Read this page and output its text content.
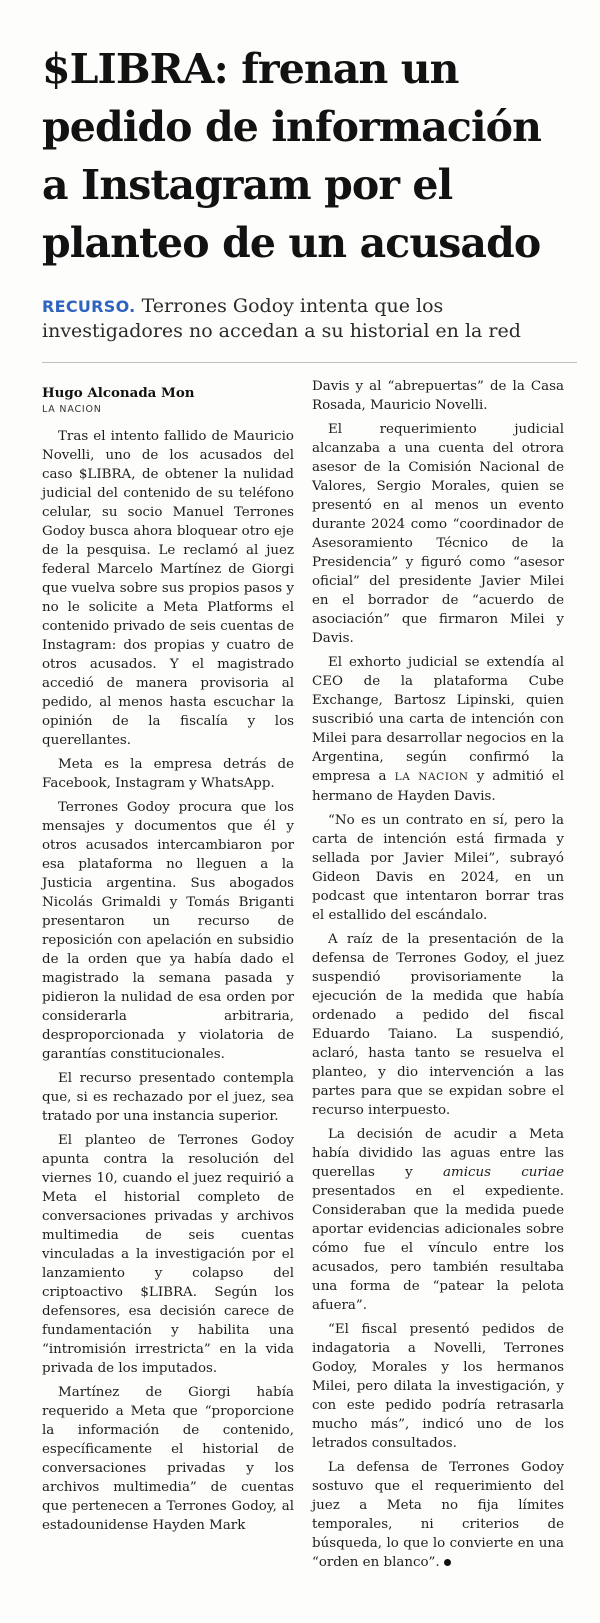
$LIBRA: frenan un
pedido de información
a Instagram por el
planteo de un acusado
RECURSO. Terrones Godoy intenta que los investigadores no accedan a su historial en la red
Hugo Alconada Mon
LA NACION

Tras el intento fallido de Mauricio Novelli, uno de los acusados del caso $LIBRA, de obtener la nulidad judicial del contenido de su teléfono celular, su socio Manuel Terrones Godoy busca ahora bloquear otro eje de la pesquisa. Le reclamó al juez federal Marcelo Martínez de Giorgi que vuelva sobre sus propios pasos y no le solicite a Meta Platforms el contenido privado de seis cuentas de Instagram: dos propias y cuatro de otros acusados. Y el magistrado accedió de manera provisoria al pedido, al menos hasta escuchar la opinión de la fiscalía y los querellantes.

Meta es la empresa detrás de Facebook, Instagram y WhatsApp.

Terrones Godoy procura que los mensajes y documentos que él y otros acusados intercambiaron por esa plataforma no lleguen a la Justicia argentina. Sus abogados Nicolás Grimaldi y Tomás Briganti presentaron un recurso de reposición con apelación en subsidio de la orden que ya había dado el magistrado la semana pasada y pidieron la nulidad de esa orden por considerarla arbitraria, desproporcionada y violatoria de garantías constitucionales.

El recurso presentado contempla que, si es rechazado por el juez, sea tratado por una instancia superior.

El planteo de Terrones Godoy apunta contra la resolución del viernes 10, cuando el juez requirió a Meta el historial completo de conversaciones privadas y archivos multimedia de seis cuentas vinculadas a la investigación por el lanzamiento y colapso del criptoactivo $LIBRA. Según los defensores, esa decisión carece de fundamentación y habilita una “intromisión irrestricta” en la vida privada de los imputados.

Martínez de Giorgi había requerido a Meta que “proporcione la información de contenido, específicamente el historial de conversaciones privadas y los archivos multimedia” de cuentas que pertenecen a Terrones Godoy, al estadounidense Hayden Mark

Davis y al “abrepuertas” de la Casa Rosada, Mauricio Novelli.

El requerimiento judicial alcanzaba a una cuenta del otrora asesor de la Comisión Nacional de Valores, Sergio Morales, quien se presentó en al menos un evento durante 2024 como “coordinador de Asesoramiento Técnico de la Presidencia” y figuró como “asesor oficial” del presidente Javier Milei en el borrador de “acuerdo de asociación” que firmaron Milei y Davis.

El exhorto judicial se extendía al CEO de la plataforma Cube Exchange, Bartosz Lipinski, quien suscribió una carta de intención con Milei para desarrollar negocios en la Argentina, según confirmó la empresa a LA NACION y admitió el hermano de Hayden Davis.

“No es un contrato en sí, pero la carta de intención está firmada y sellada por Javier Milei”, subrayó Gideon Davis en 2024, en un podcast que intentaron borrar tras el estallido del escándalo.

A raíz de la presentación de la defensa de Terrones Godoy, el juez suspendió provisoriamente la ejecución de la medida que había ordenado a pedido del fiscal Eduardo Taiano. La suspendió, aclaró, hasta tanto se resuelva el planteo, y dio intervención a las partes para que se expidan sobre el recurso interpuesto.

La decisión de acudir a Meta había dividido las aguas entre las querellas y amicus curiae presentados en el expediente. Consideraban que la medida puede aportar evidencias adicionales sobre cómo fue el vínculo entre los acusados, pero también resultaba una forma de “patear la pelota afuera”.

“El fiscal presentó pedidos de indagatoria a Novelli, Terrones Godoy, Morales y los hermanos Milei, pero dilata la investigación, y con este pedido podría retrasarla mucho más”, indicó uno de los letrados consultados.

La defensa de Terrones Godoy sostuvo que el requerimiento del juez a Meta no fija límites temporales, ni criterios de búsqueda, lo que lo convierte en una “orden en blanco”.
